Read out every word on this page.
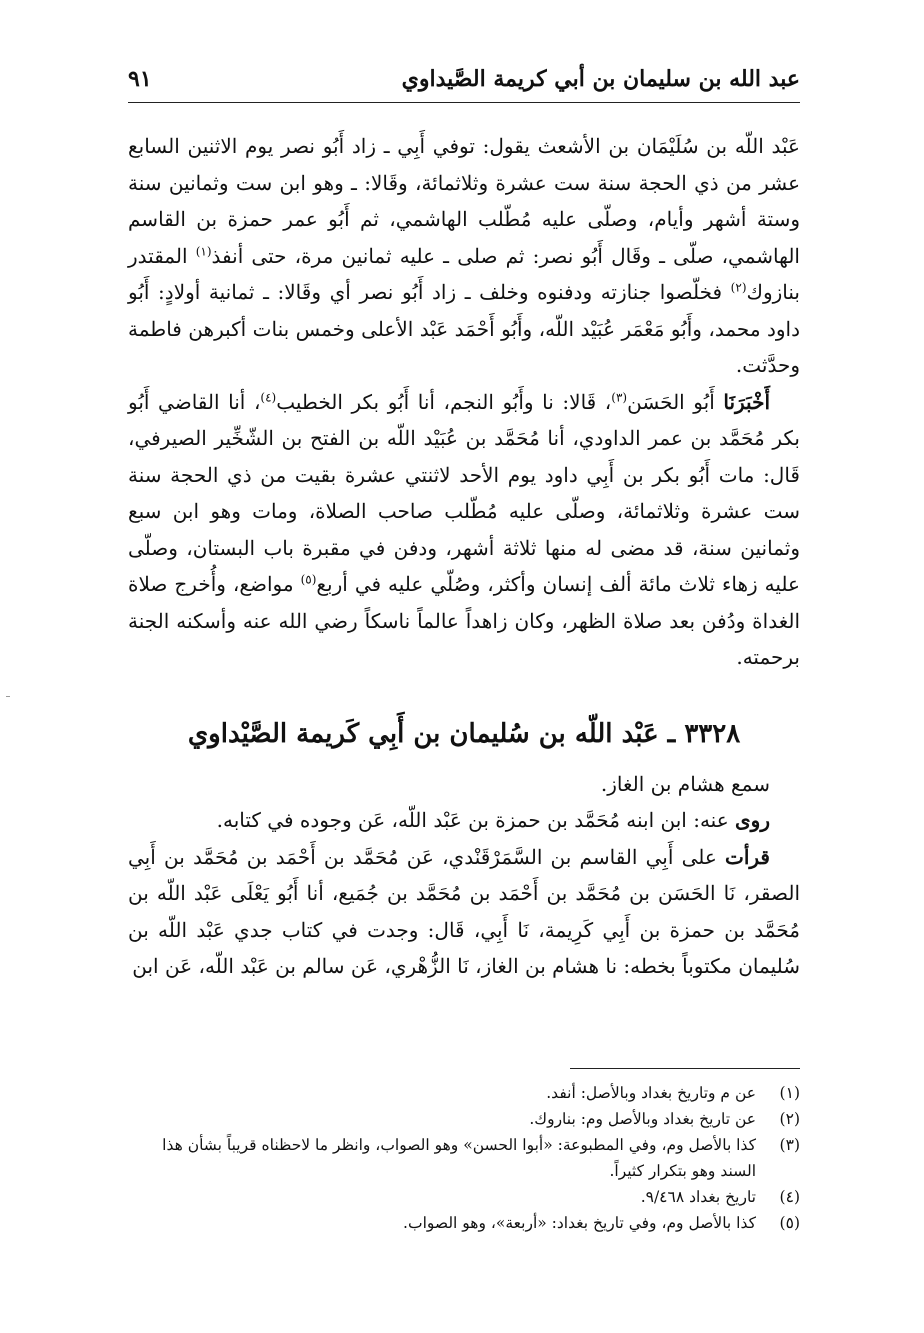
عبد الله بن سليمان بن أبي كريمة الصَّيداوي
٩١

عَبْد اللّه بن سُلَيْمَان بن الأشعث يقول: توفي أَبِي ـ زاد أَبُو نصر يوم الاثنين السابع عشر من ذي الحجة سنة ست عشرة وثلاثمائة، وقَالا: ـ وهو ابن ست وثمانين سنة وستة أشهر وأيام، وصلّى عليه مُطّلب الهاشمي، ثم أَبُو عمر حمزة بن القاسم الهاشمي، صلّى ـ وقَال أَبُو نصر: ثم صلى ـ عليه ثمانين مرة، حتى أنفذ$^{(١)}$ المقتدر بنازوك$^{(٢)}$ فخلّصوا جنازته ودفنوه وخلف ـ زاد أَبُو نصر أي وقَالا: ـ ثمانية أولادٍ: أَبُو داود محمد، وأَبُو مَعْمَر عُبَيْد اللّه، وأَبُو أَحْمَد عَبْد الأعلى وخمس بنات أكبرهن فاطمة وحدَّثت.

أَخْبَرَنَا أَبُو الحَسَن$^{(٣)}$، قَالا: نا وأَبُو النجم، أنا أَبُو بكر الخطيب$^{(٤)}$، أنا القاضي أَبُو بكر مُحَمَّد بن عمر الداودي، أنا مُحَمَّد بن عُبَيْد اللّه بن الفتح بن الشّخِّير الصيرفي، قَال: مات أَبُو بكر بن أَبِي داود يوم الأحد لاثنتي عشرة بقيت من ذي الحجة سنة ست عشرة وثلاثمائة، وصلّى عليه مُطّلب صاحب الصلاة، ومات وهو ابن سبع وثمانين سنة، قد مضى له منها ثلاثة أشهر، ودفن في مقبرة باب البستان، وصلّى عليه زهاء ثلاث مائة ألف إنسان وأكثر، وصُلّي عليه في أربع$^{(٥)}$ مواضع، وأُخرج صلاة الغداة ودُفن بعد صلاة الظهر، وكان زاهداً عالماً ناسكاً رضي الله عنه وأسكنه الجنة برحمته.

٣٣٢٨ ـ عَبْد اللّه بن سُليمان بن أَبِي كَريمة الصَّيْداوي

سمع هشام بن الغاز.

روى عنه: ابن ابنه مُحَمَّد بن حمزة بن عَبْد اللّه، عَن وجوده في كتابه.

قرأت على أَبِي القاسم بن السَّمَرْقَنْدي، عَن مُحَمَّد بن أَحْمَد بن مُحَمَّد بن أَبِي الصقر، نَا الحَسَن بن مُحَمَّد بن أَحْمَد بن مُحَمَّد بن جُمَيع، أنا أَبُو يَعْلَى عَبْد اللّه بن مُحَمَّد بن حمزة بن أَبِي كَرِيمة، نَا أَبِي، قَال: وجدت في كتاب جدي عَبْد اللّه بن سُليمان مكتوباً بخطه: نا هشام بن الغاز، نَا الزُّهْري، عَن سالم بن عَبْد اللّه، عَن ابن

(١)
عن م وتاريخ بغداد وبالأصل: أنفد.

(٢)
عن تاريخ بغداد وبالأصل وم: بناروك.

(٣)
كذا بالأصل وم، وفي المطبوعة: «أبوا الحسن» وهو الصواب، وانظر ما لاحظناه قريباً بشأن هذا السند وهو بتكرار كثيراً.

(٤)
تاريخ بغداد ٩/٤٦٨.

(٥)
كذا بالأصل وم، وفي تاريخ بغداد: «أربعة»، وهو الصواب.
